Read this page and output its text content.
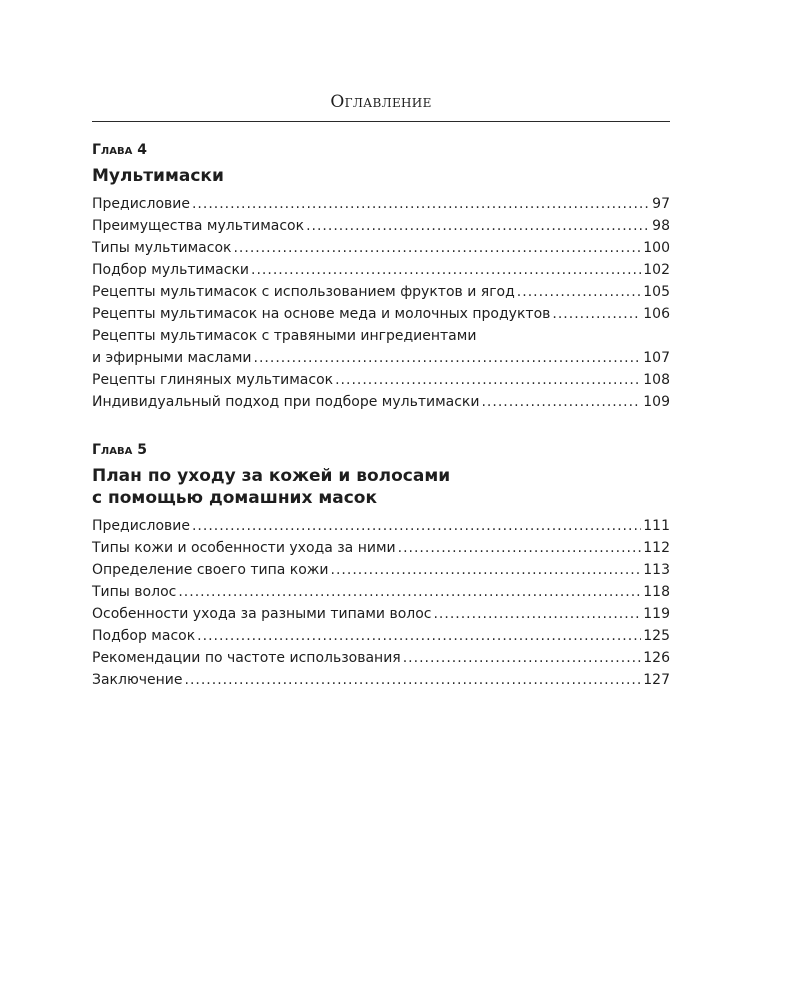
Оглавление
Глава 4
Мультимаски
Предисловие .....	97
Преимущества мультимасок .....	98
Типы мультимасок .....	100
Подбор мультимаски .....	102
Рецепты мультимасок с использованием фруктов и ягод .....	105
Рецепты мультимасок на основе меда и молочных продуктов .....	106
Рецепты мультимасок с травяными ингредиентами
и эфирными маслами .....	107
Рецепты глиняных мультимасок .....	108
Индивидуальный подход при подборе мультимаски .....	109
Глава 5
План по уходу за кожей и волосами
с помощью домашних масок
Предисловие .....	111
Типы кожи и особенности ухода за ними .....	112
Определение своего типа кожи .....	113
Типы волос .....	118
Особенности ухода за разными типами волос .....	119
Подбор масок .....	125
Рекомендации по частоте использования .....	126
Заключение .....	127
